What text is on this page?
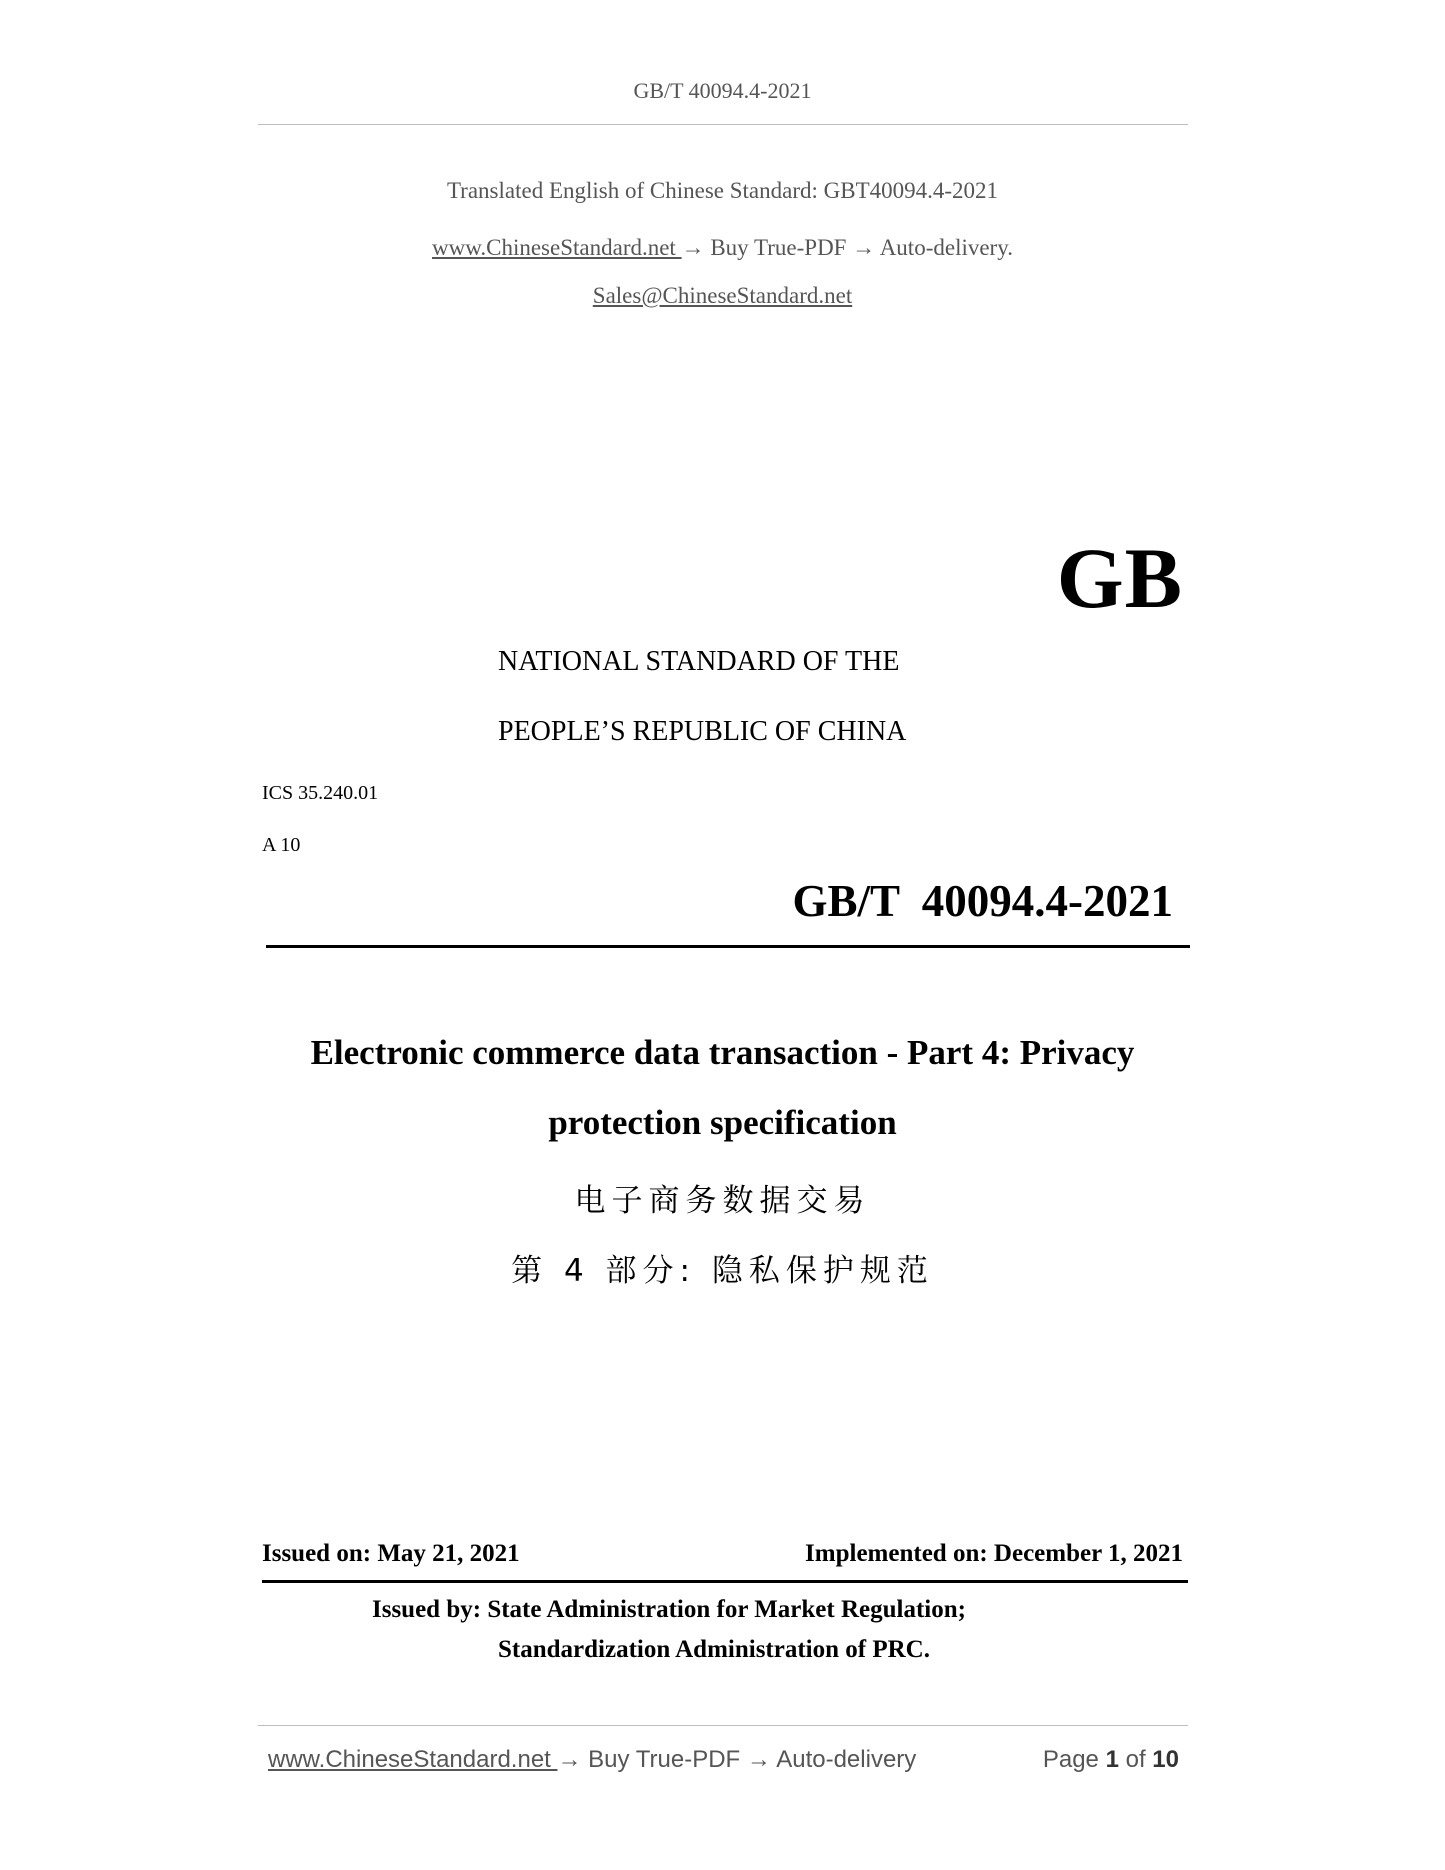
GB/T 40094.4-2021
Translated English of Chinese Standard: GBT40094.4-2021
www.ChineseStandard.net → Buy True-PDF → Auto-delivery.
Sales@ChineseStandard.net
GB
NATIONAL STANDARD OF THE
PEOPLE’S REPUBLIC OF CHINA
ICS 35.240.01
A 10
GB/T  40094.4-2021
Electronic commerce data transaction - Part 4: Privacy
protection specification
电子商务数据交易
第 4 部分: 隐私保护规范
Issued on: May 21, 2021	Implemented on: December 1, 2021
Issued by: State Administration for Market Regulation;
Standardization Administration of PRC.
www.ChineseStandard.net → Buy True-PDF → Auto-delivery	Page 1 of 10
